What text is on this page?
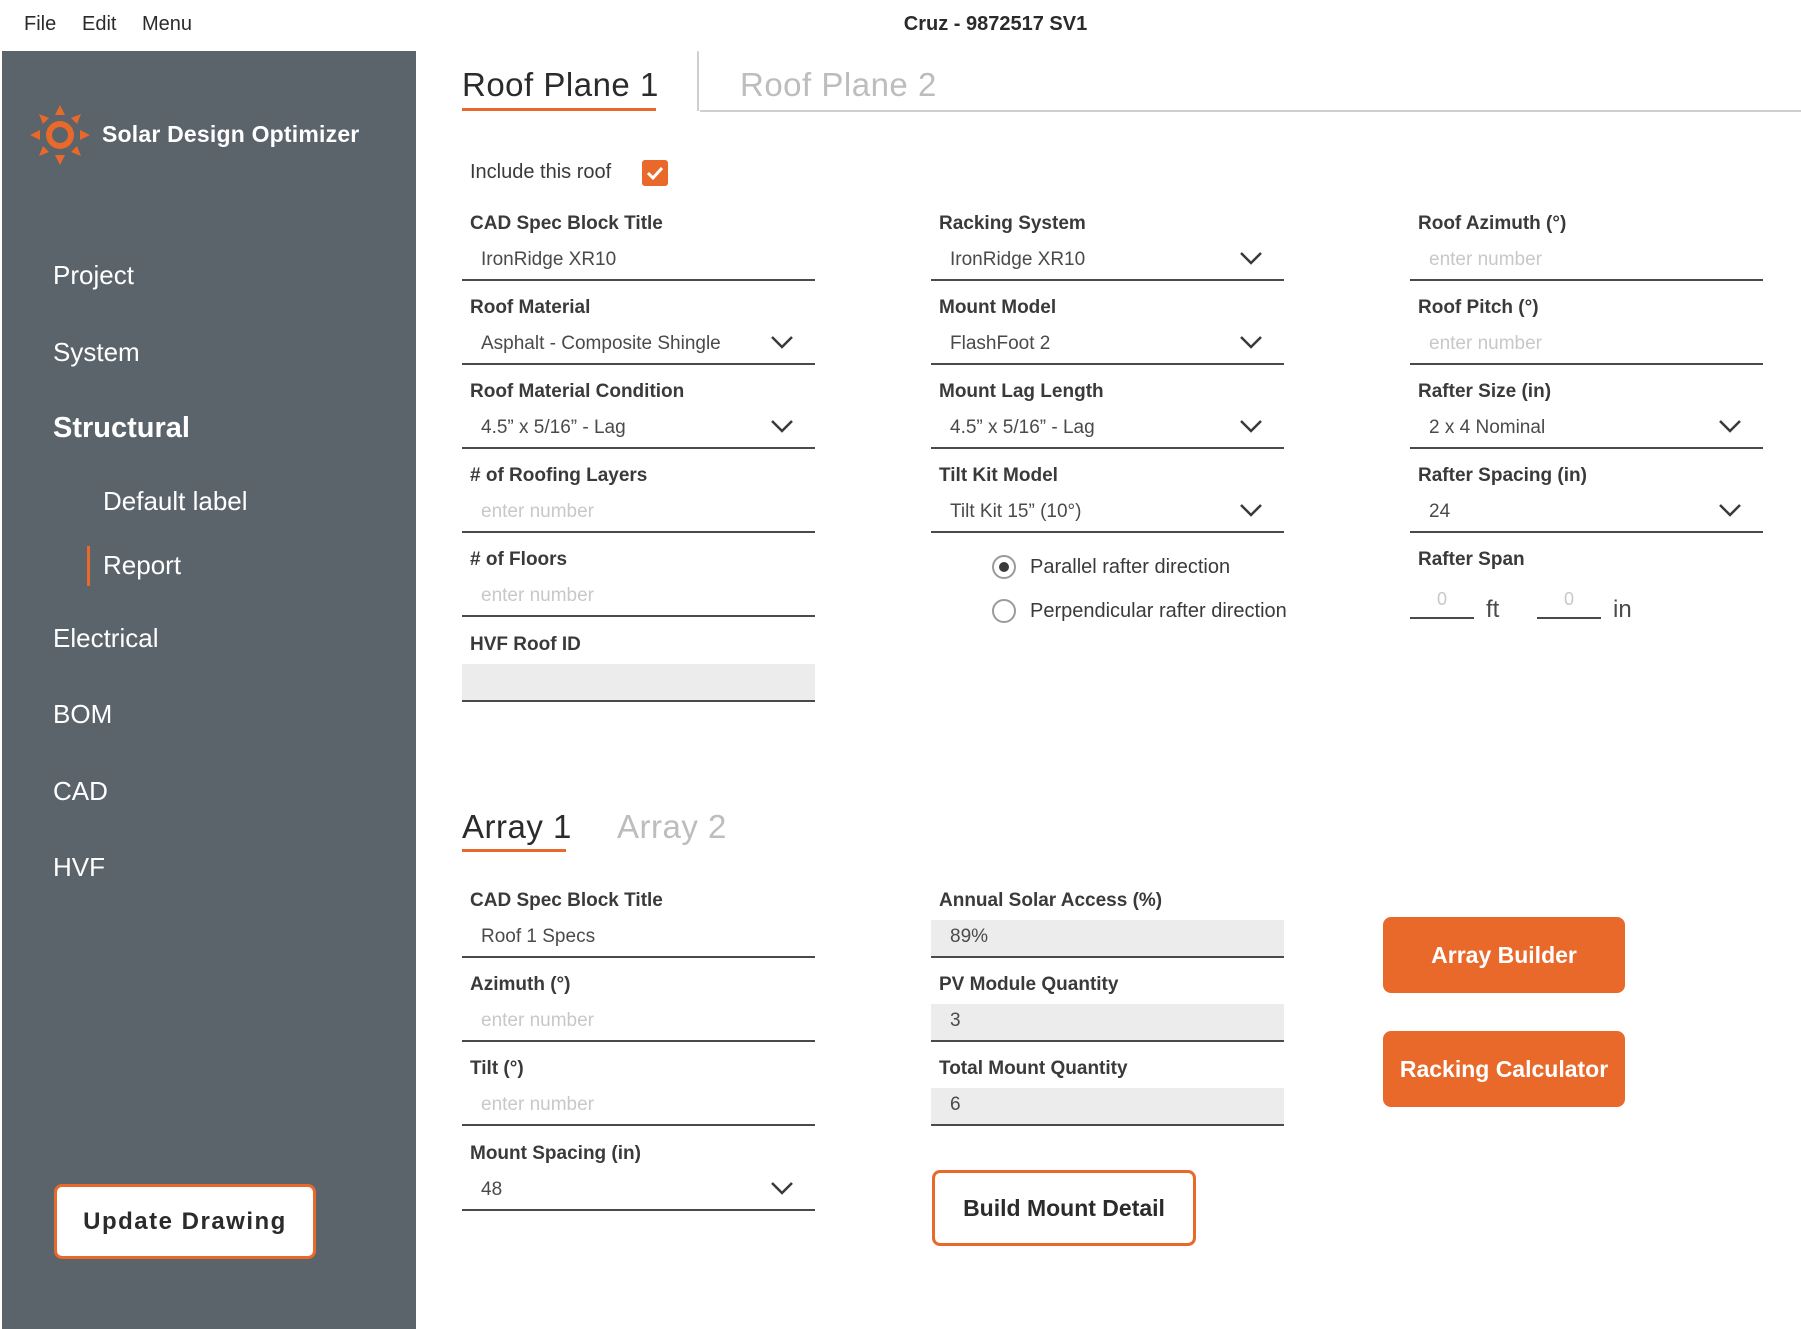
File Edit Menu	Cruz - 9872517 SV1
Solar Design Optimizer
Project
System
Structural
Default label
Report
Electrical
BOM
CAD
HVF
Update Drawing
Roof Plane 1 Roof Plane 2
Include this roof
CAD Spec Block Title
IronRidge XR10
Roof Material
Asphalt - Composite Shingle
Roof Material Condition
4.5” x 5/16” - Lag
# of Roofing Layers
enter number
# of Floors
enter number
HVF Roof ID
Racking System
IronRidge XR10
Mount Model
FlashFoot 2
Mount Lag Length
4.5” x 5/16” - Lag
Tilt Kit Model
Tilt Kit 15” (10°)
Parallel rafter direction
Perpendicular rafter direction
Roof Azimuth (°)
enter number
Roof Pitch (°)
enter number
Rafter Size (in)
2 x 4 Nominal
Rafter Spacing (in)
24
Rafter Span
0	ft	0	in
Array 1 Array 2
CAD Spec Block Title
Roof 1 Specs
Azimuth (°)
enter number
Tilt (°)
enter number
Mount Spacing (in)
48
Annual Solar Access (%)
89%
PV Module Quantity
3
Total Mount Quantity
6
Build Mount Detail
Array Builder
Racking Calculator
